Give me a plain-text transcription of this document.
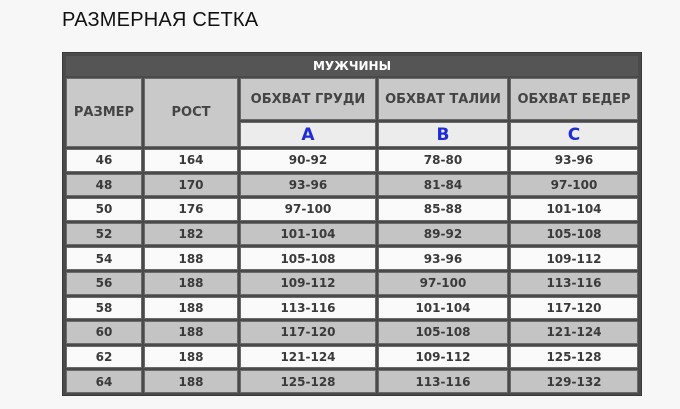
РАЗМЕРНАЯ СЕТКА
МУЖЧИНЫ
РАЗМЕР	РОСТ
ОБХВАТ ГРУДИ	ОБХВАТ ТАЛИИ	ОБХВАТ БЕДЕР
A	B	C
46	164	90-92	78-80	93-96
48	170	93-96	81-84	97-100
50	176	97-100	85-88	101-104
52	182	101-104	89-92	105-108
54	188	105-108	93-96	109-112
56	188	109-112	97-100	113-116
58	188	113-116	101-104	117-120
60	188	117-120	105-108	121-124
62	188	121-124	109-112	125-128
64	188	125-128	113-116	129-132
